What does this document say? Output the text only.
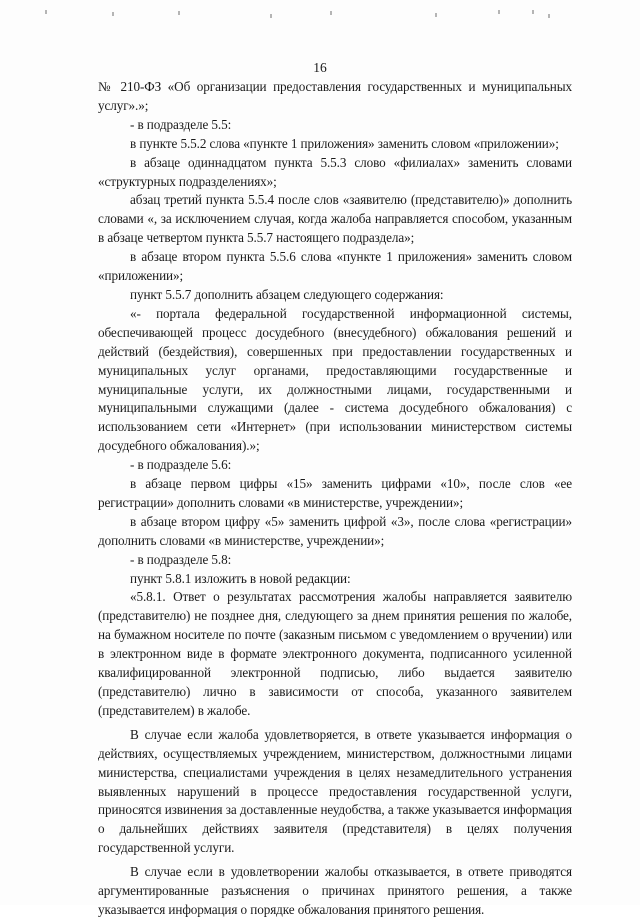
16

№ 210-ФЗ «Об организации предоставления государственных и муниципальных услуг».»;

- в подразделе 5.5:

в пункте 5.5.2 слова «пункте 1 приложения» заменить словом «приложении»;

в абзаце одиннадцатом пункта 5.5.3 слово «филиалах» заменить словами «структурных подразделениях»;

абзац третий пункта 5.5.4 после слов «заявителю (представителю)» дополнить словами «, за исключением случая, когда жалоба направляется способом, указанным в абзаце четвертом пункта 5.5.7 настоящего подраздела»;

в абзаце втором пункта 5.5.6 слова «пункте 1 приложения» заменить словом «приложении»;

пункт 5.5.7 дополнить абзацем следующего содержания:

«- портала федеральной государственной информационной системы, обеспечивающей процесс досудебного (внесудебного) обжалования решений и действий (бездействия), совершенных при предоставлении государственных и муниципальных услуг органами, предоставляющими государственные и муниципальные услуги, их должностными лицами, государственными и муниципальными служащими (далее - система досудебного обжалования) с использованием сети «Интернет» (при использовании министерством системы досудебного обжалования).»;

- в подразделе 5.6:

в абзаце первом цифры «15» заменить цифрами «10», после слов «ее регистрации» дополнить словами «в министерстве, учреждении»;

в абзаце втором цифру «5» заменить цифрой «3», после слова «регистрации» дополнить словами «в министерстве, учреждении»;

- в подразделе 5.8:

пункт 5.8.1 изложить в новой редакции:

«5.8.1. Ответ о результатах рассмотрения жалобы направляется заявителю (представителю) не позднее дня, следующего за днем принятия решения по жалобе, на бумажном носителе по почте (заказным письмом с уведомлением о вручении) или в электронном виде в формате электронного документа, подписанного усиленной квалифицированной электронной подписью, либо выдается заявителю (представителю) лично в зависимости от способа, указанного заявителем (представителем) в жалобе.

В случае если жалоба удовлетворяется, в ответе указывается информация о действиях, осуществляемых учреждением, министерством, должностными лицами министерства, специалистами учреждения в целях незамедлительного устранения выявленных нарушений в процессе предоставления государственной услуги, приносятся извинения за доставленные неудобства, а также указывается информация о дальнейших действиях заявителя (представителя) в целях получения государственной услуги.

В случае если в удовлетворении жалобы отказывается, в ответе приводятся аргументированные разъяснения о причинах принятого решения, а также указывается информация о порядке обжалования принятого решения.
